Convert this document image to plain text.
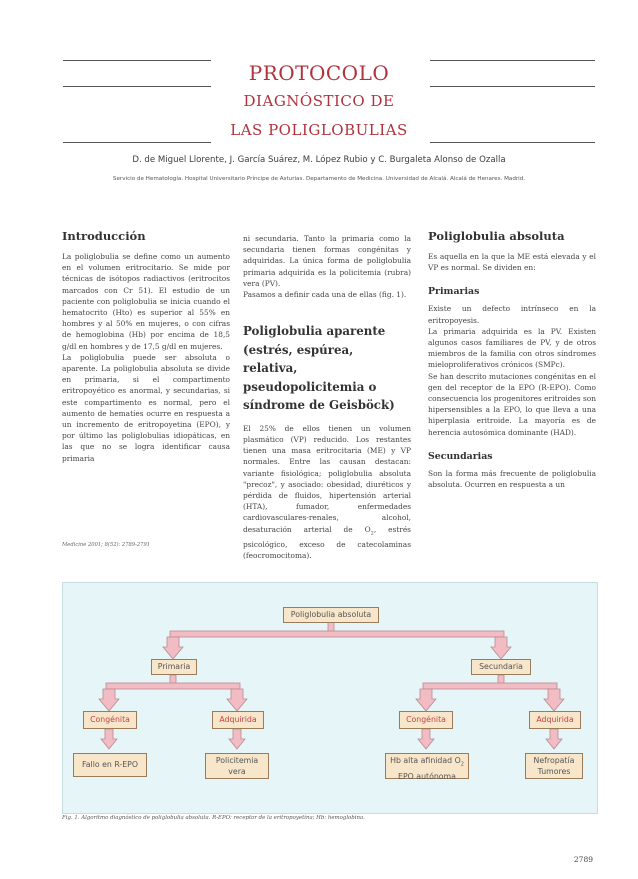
PROTOCOLO
DIAGNÓSTICO DE
LAS POLIGLOBULIAS
D. de Miguel Llorente, J. García Suárez, M. López Rubio y C. Burgaleta Alonso de Ozalla
Servicio de Hematología. Hospital Universitario Príncipe de Asturias. Departamento de Medicina. Universidad de Alcalá. Alcalá de Henares. Madrid.
Introducción

La poliglobulia se define como un aumento en el volumen eritrocitario. Se mide por técnicas de isótopos radiactivos (eritrocitos marcados con Cr 51). El estudio de un paciente con poliglobulia se inicia cuando el hematocrito (Hto) es superior al 55% en hombres y al 50% en mujeres, o con cifras de hemoglobina (Hb) por encima de 18,5 g/dl en hombres y de 17,5 g/dl en mujeres.

La poliglobulia puede ser absoluta o aparente. La poliglobulia absoluta se divide en primaria, si el compartimento eritropoyético es anormal, y secundarias, si este compartimento es normal, pero el aumento de hematíes ocurre en respuesta a un incremento de eritropoyetina (EPO), y por último las poliglobulias idiopáticas, en las que no se logra identificar causa primaria

Medicine 2001; 8(52): 2789-2791

ni secundaria. Tanto la primaria como la secundaria tienen formas congénitas y adquiridas. La única forma de poliglobulia primaria adquirida es la policitemia (rubra) vera (PV).

Pasamos a definir cada una de ellas (fig. 1).

Poliglobulia aparente (estrés, espúrea, relativa, pseudopolicitemia o síndrome de Geisböck)

El 25% de ellos tienen un volumen plasmático (VP) reducido. Los restantes tienen una masa eritrocitaria (ME) y VP normales. Entre las causan destacan: variante fisiológica; poliglobulia absoluta "precoz", y asociado: obesidad, diuréticos y pérdida de fluidos, hipertensión arterial (HTA), fumador, enfermedades cardiovasculares-renales, alcohol, desaturación arterial de $O_2$, estrés psicológico, exceso de catecolaminas (feocromocitoma).

Poliglobulia absoluta

Es aquella en la que la ME está elevada y el VP es normal. Se dividen en:

Primarias

Existe un defecto intrínseco en la eritropoyesis.

La primaria adquirida es la PV. Existen algunos casos familiares de PV, y de otros miembros de la familia con otros síndromes mieloproliferativos crónicos (SMPc).

Se han descrito mutaciones congénitas en el gen del receptor de la EPO (R-EPO). Como consecuencia los progenitores eritroides son hipersensibles a la EPO, lo que lleva a una hiperplasia eritroide. La mayoría es de herencia autosómica dominante (HAD).

Secundarias

Son la forma más frecuente de poliglobulia absoluta. Ocurren en respuesta a un

Poliglobulia absoluta
Primaria	Secundaria
Congénita	Adquirida	Congénita	Adquirida
Fallo en R-EPO	Policitemia
vera
Hb alta afinidad $O_2$
EPO autónoma
Nefropatía
Tumores
Fig. 1. Algoritmo diagnóstico de poliglobulia absoluta. R-EPO: receptor de la eritropoyetina; Hb: hemoglobina.
2789
